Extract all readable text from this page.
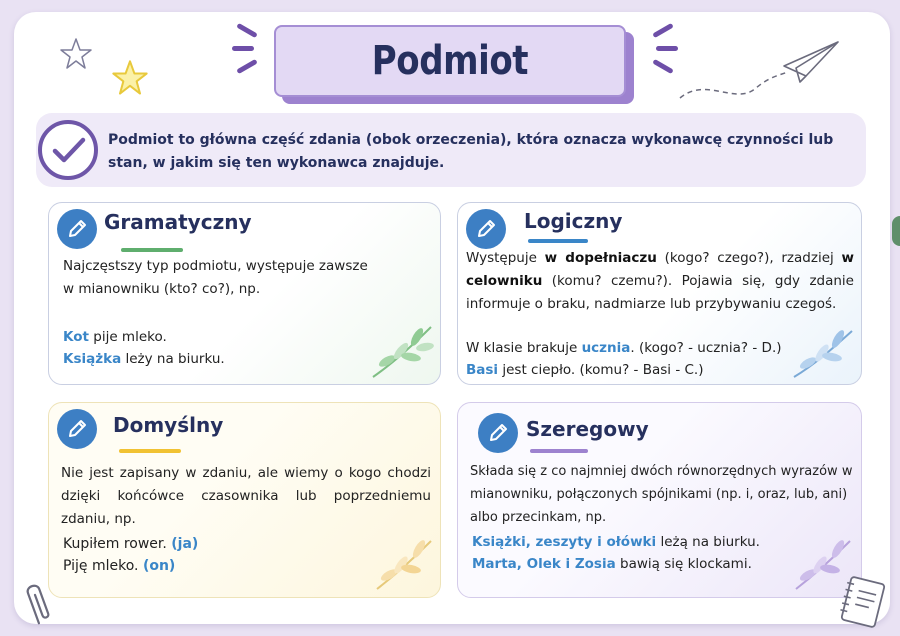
Podmiot

Podmiot to główna część zdania (obok orzeczenia), która oznacza wykonawcę czynności lub stan, w jakim się ten wykonawca znajduje.

Gramatyczny
Najczęstszy typ podmiotu, występuje zawsze w mianowniku (kto? co?), np.
Kot pije mleko.
Książka leży na biurku.
Logiczny
Występuje w dopełniaczu (kogo? czego?), rzadziej w celowniku (komu? czemu?). Pojawia się, gdy zdanie informuje o braku, nadmiarze lub przybywaniu czegoś.
W klasie brakuje ucznia. (kogo? - ucznia? - D.)
Basi jest ciepło. (komu? - Basi - C.)
Domyślny
Nie jest zapisany w zdaniu, ale wiemy o kogo chodzi dzięki końcówce czasownika lub poprzedniemu zdaniu, np.
Kupiłem rower. (ja)
Piję mleko. (on)
Szeregowy
Składa się z co najmniej dwóch równorzędnych wyrazów w mianowniku, połączonych spójnikami (np. i, oraz, lub, ani) albo przecinkam, np.
Książki, zeszyty i ołówki leżą na biurku.
Marta, Olek i Zosia bawią się klockami.
